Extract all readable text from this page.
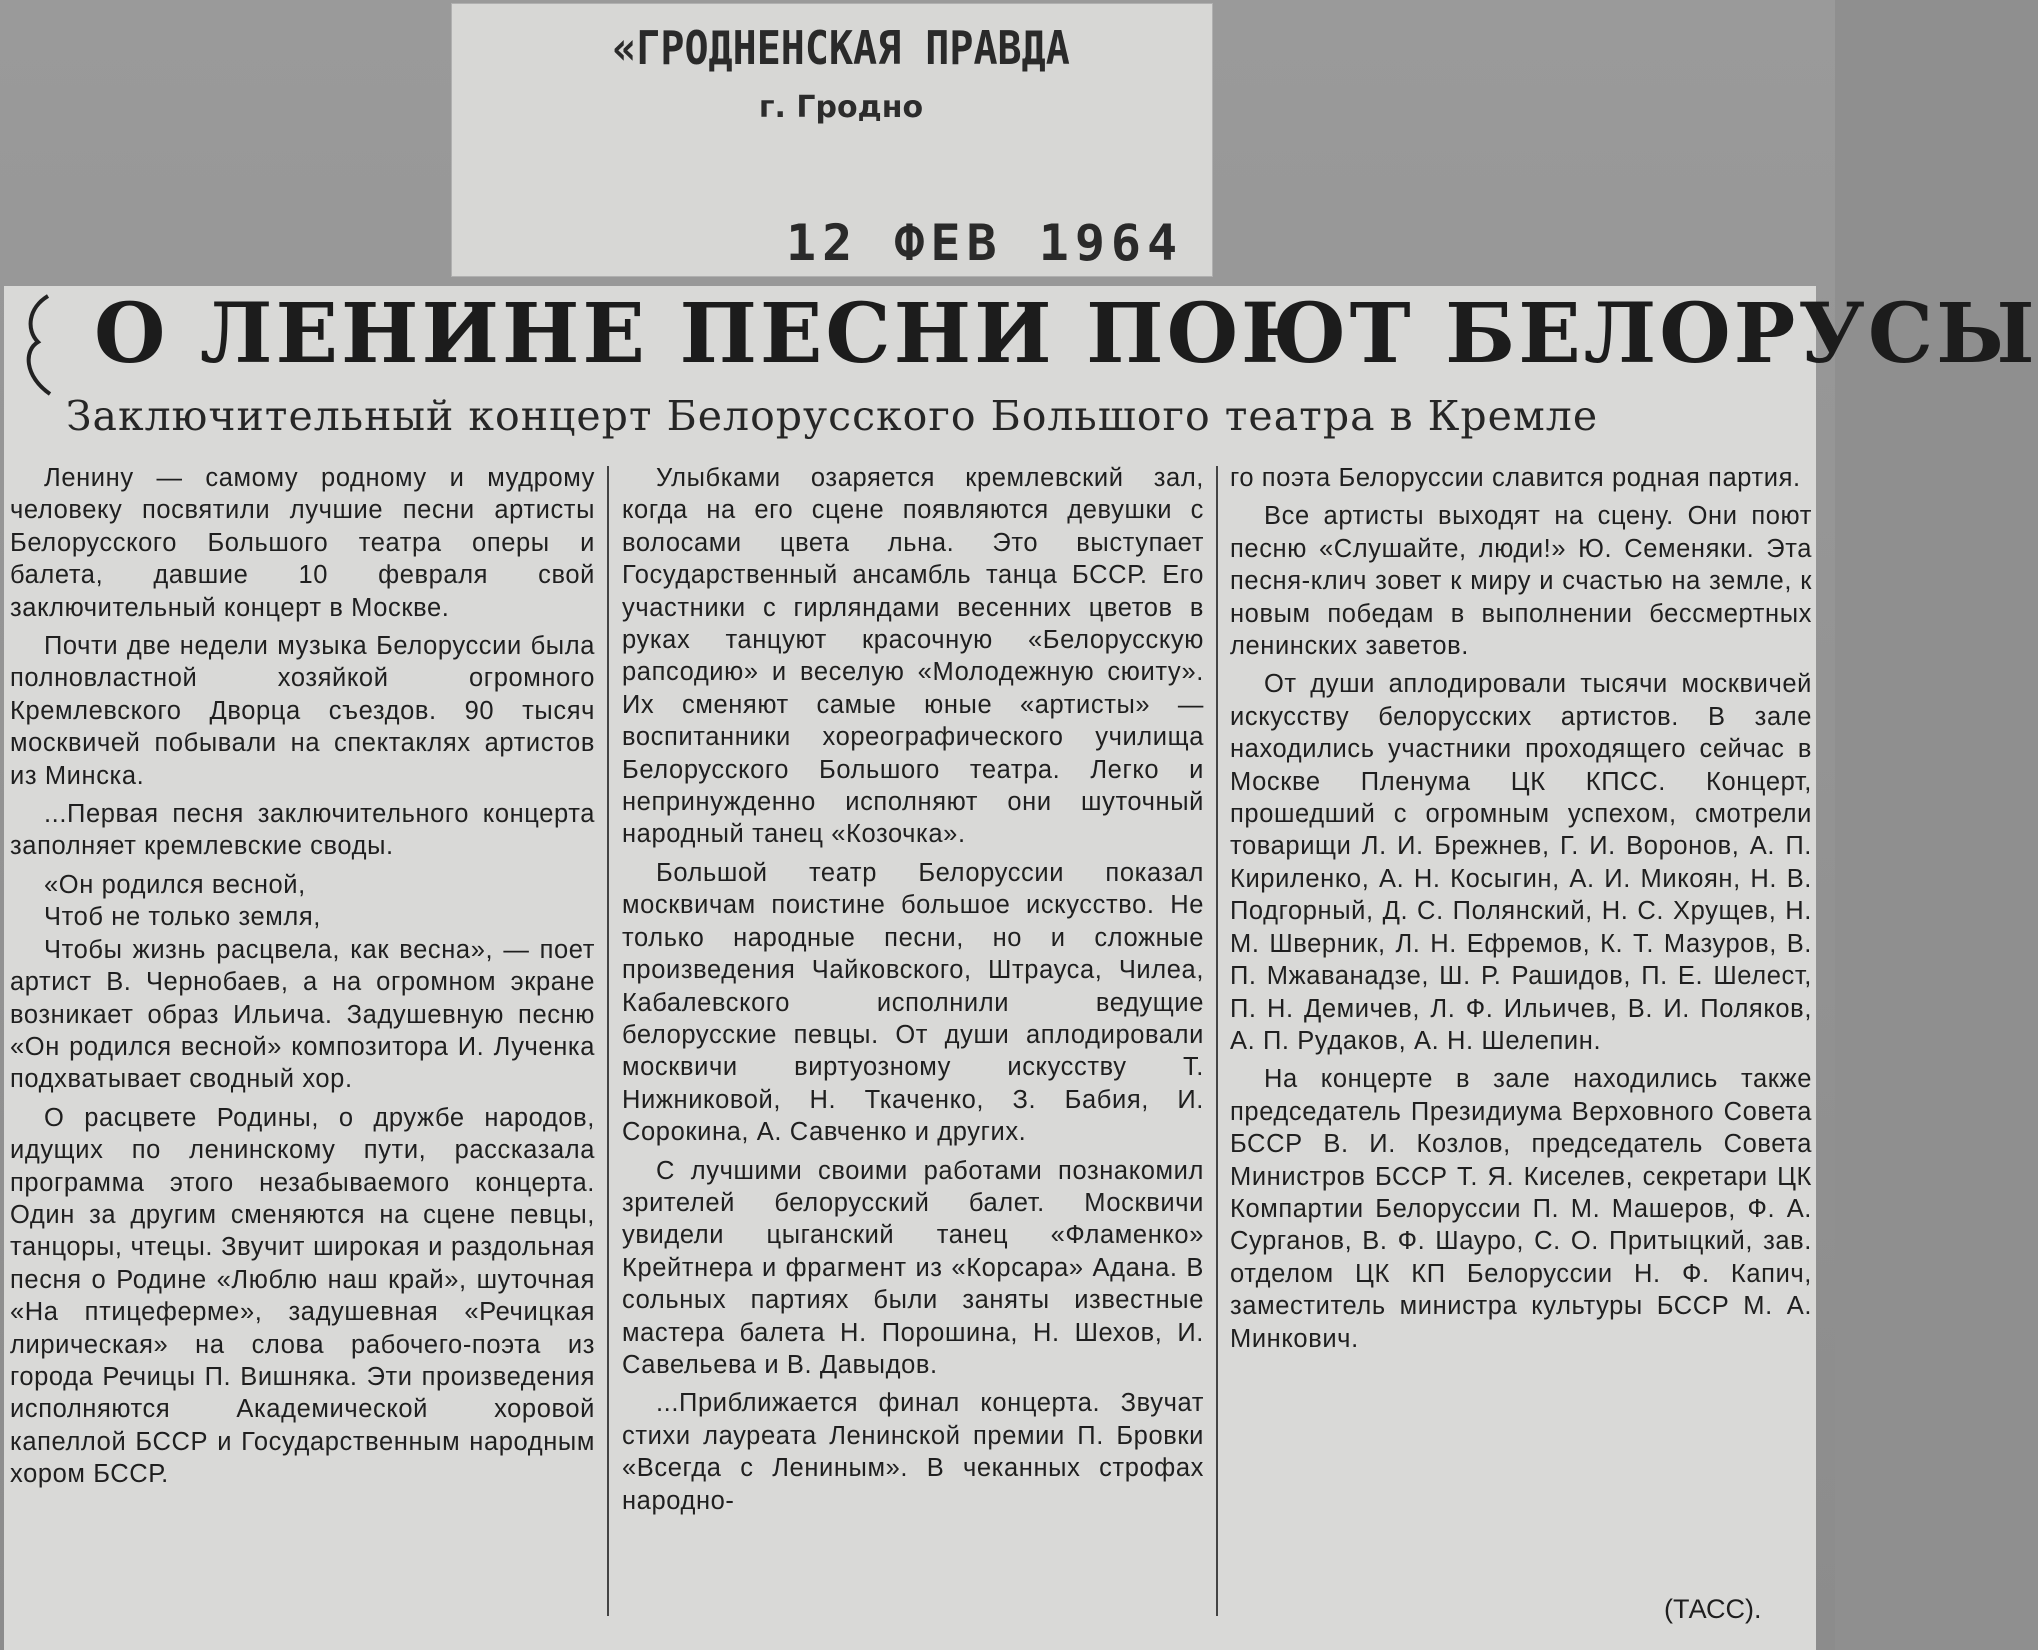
«ГРОДНЕНСКАЯ ПРАВДА
г. Гродно
12 ФЕВ 1964
О ЛЕНИНЕ ПЕСНИ ПОЮТ БЕЛОРУСЫ
Заключительный концерт Белорусского Большого театра в Кремле

Ленину — самому родному и мудрому человеку посвятили лучшие песни артисты Белорусского Большого театра оперы и балета, давшие 10 февраля свой заключительный концерт в Москве.

Почти две недели музыка Белоруссии была полновластной хозяйкой огромного Кремлевского Дворца съездов. 90 тысяч москвичей побывали на спектаклях артистов из Минска.

...Первая песня заключительного концерта заполняет кремлевские своды.

«Он родился весной,
Чтоб не только земля,

Чтобы жизнь расцвела, как весна», — поет артист В. Чернобаев, а на огромном экране возникает образ Ильича. Задушевную песню «Он родился весной» композитора И. Лученка подхватывает сводный хор.

О расцвете Родины, о дружбе народов, идущих по ленинскому пути, рассказала программа этого незабываемого концерта. Один за другим сменяются на сцене певцы, танцоры, чтецы. Звучит широкая и раздольная песня о Родине «Люблю наш край», шуточная «На птицеферме», задушевная «Речицкая лирическая» на слова рабочего-поэта из города Речицы П. Вишняка. Эти произведения исполняются Академической хоровой капеллой БССР и Государственным народным хором БССР.

Улыбками озаряется кремлевский зал, когда на его сцене появляются девушки с волосами цвета льна. Это выступает Государственный ансамбль танца БССР. Его участники с гирляндами весенних цветов в руках танцуют красочную «Белорусскую рапсодию» и веселую «Молодежную сюиту». Их сменяют самые юные «артисты» — воспитанники хореографического училища Белорусского Большого театра. Легко и непринужденно исполняют они шуточный народный танец «Козочка».

Большой театр Белоруссии показал москвичам поистине большое искусство. Не только народные песни, но и сложные произведения Чайковского, Штрауса, Чилеа, Кабалевского исполнили ведущие белорусские певцы. От души аплодировали москвичи виртуозному искусству Т. Нижниковой, Н. Ткаченко, З. Бабия, И. Сорокина, А. Савченко и других.

С лучшими своими работами познакомил зрителей белорусский балет. Москвичи увидели цыганский танец «Фламенко» Крейтнера и фрагмент из «Корсара» Адана. В сольных партиях были заняты известные мастера балета Н. Порошина, Н. Шехов, И. Савельева и В. Давыдов.

...Приближается финал концерта. Звучат стихи лауреата Ленинской премии П. Бровки «Всегда с Лениным». В чеканных строфах народно-

го поэта Белоруссии славится родная партия.

Все артисты выходят на сцену. Они поют песню «Слушайте, люди!» Ю. Семеняки. Эта песня-клич зовет к миру и счастью на земле, к новым победам в выполнении бессмертных ленинских заветов.

От души аплодировали тысячи москвичей искусству белорусских артистов. В зале находились участники проходящего сейчас в Москве Пленума ЦК КПСС. Концерт, прошедший с огромным успехом, смотрели товарищи Л. И. Брежнев, Г. И. Воронов, А. П. Кириленко, А. Н. Косыгин, А. И. Микоян, Н. В. Подгорный, Д. С. Полянский, Н. С. Хрущев, Н. М. Шверник, Л. Н. Ефремов, К. Т. Мазуров, В. П. Мжаванадзе, Ш. Р. Рашидов, П. Е. Шелест, П. Н. Демичев, Л. Ф. Ильичев, В. И. Поляков, А. П. Рудаков, А. Н. Шелепин.

На концерте в зале находились также председатель Президиума Верховного Совета БССР В. И. Козлов, председатель Совета Министров БССР Т. Я. Киселев, секретари ЦК Компартии Белоруссии П. М. Машеров, Ф. А. Сурганов, В. Ф. Шауро, С. О. Притыцкий, зав. отделом ЦК КП Белоруссии Н. Ф. Капич, заместитель министра культуры БССР М. А. Минкович.

(ТАСС).
